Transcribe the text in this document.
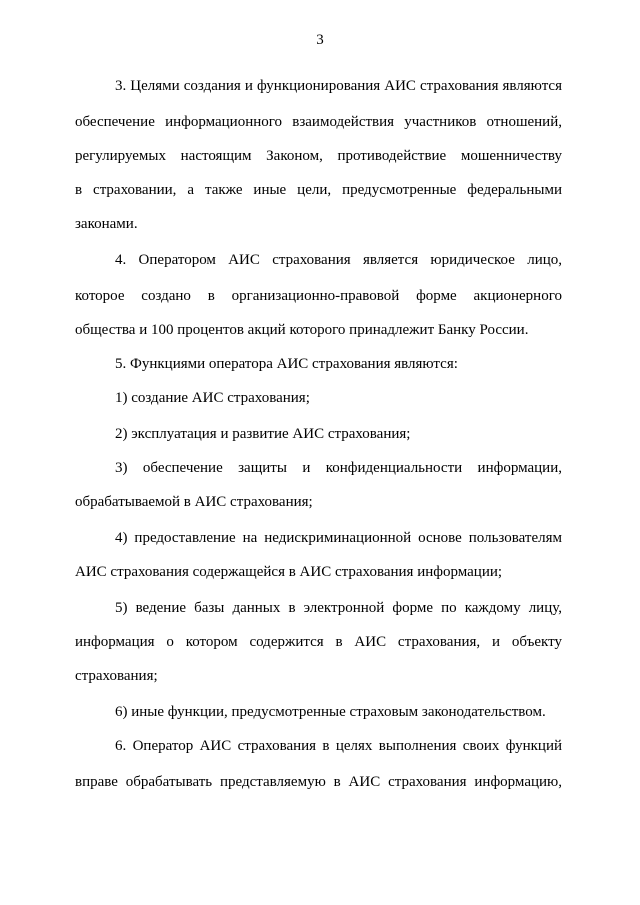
3
3. Целями создания и функционирования АИС страхования являются
обеспечение информационного взаимодействия участников отношений,
регулируемых настоящим Законом, противодействие мошенничеству
в страховании, а также иные цели, предусмотренные федеральными
законами.
4. Оператором АИС страхования является юридическое лицо,
которое создано в организационно-правовой форме акционерного
общества и 100 процентов акций которого принадлежит Банку России.
5. Функциями оператора АИС страхования являются:
1) создание АИС страхования;
2) эксплуатация и развитие АИС страхования;
3) обеспечение защиты и конфиденциальности информации,
обрабатываемой в АИС страхования;
4) предоставление на недискриминационной основе пользователям
АИС страхования содержащейся в АИС страхования информации;
5) ведение базы данных в электронной форме по каждому лицу,
информация о котором содержится в АИС страхования, и объекту
страхования;
6) иные функции, предусмотренные страховым законодательством.
6. Оператор АИС страхования в целях выполнения своих функций
вправе обрабатывать представляемую в АИС страхования информацию,
